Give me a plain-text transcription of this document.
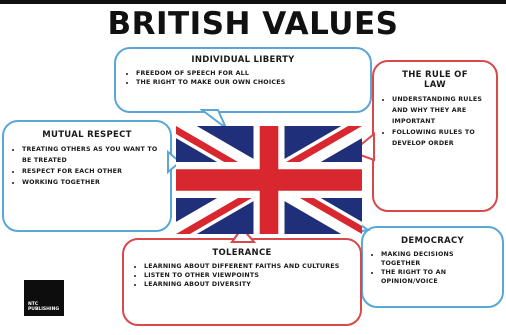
BRITISH VALUES
INDIVIDUAL LIBERTY
• FREEDOM OF SPEECH FOR ALL
• THE RIGHT TO MAKE OUR OWN CHOICES
THE RULE OF
LAW
• UNDERSTANDING RULES AND WHY THEY ARE IMPORTANT
• FOLLOWING RULES TO DEVELOP ORDER
MUTUAL RESPECT
• TREATING OTHERS AS YOU WANT TO BE TREATED
• RESPECT FOR EACH OTHER
• WORKING TOGETHER
DEMOCRACY
• MAKING DECISIONS TOGETHER
• THE RIGHT TO AN OPINION/VOICE
TOLERANCE
• LEARNING ABOUT DIFFERENT FAITHS AND CULTURES
• LISTEN TO OTHER VIEWPOINTS
• LEARNING ABOUT DIVERSITY
NTC PUBLISHING
